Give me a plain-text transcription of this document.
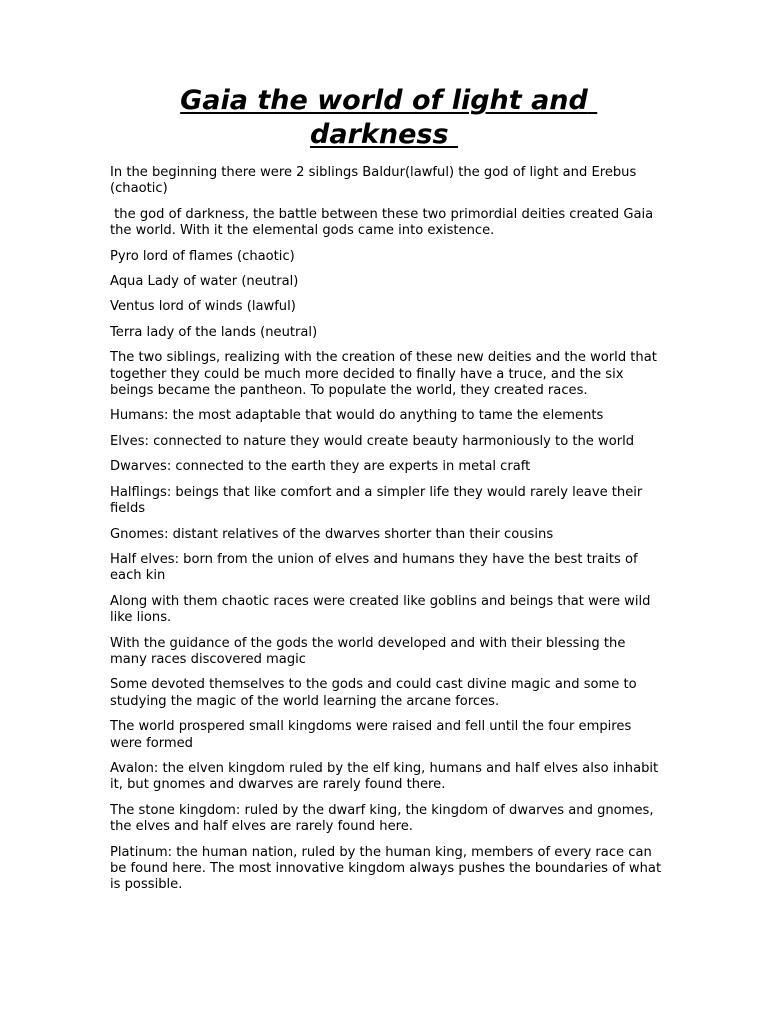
Gaia the world of light and darkness

In the beginning there were 2 siblings Baldur(lawful) the god of light and Erebus (chaotic)

the god of darkness, the battle between these two primordial deities created Gaia the world. With it the elemental gods came into existence.

Pyro lord of flames (chaotic)

Aqua Lady of water (neutral)

Ventus lord of winds (lawful)

Terra lady of the lands (neutral)

The two siblings, realizing with the creation of these new deities and the world that together they could be much more decided to finally have a truce, and the six beings became the pantheon. To populate the world, they created races.

Humans: the most adaptable that would do anything to tame the elements

Elves: connected to nature they would create beauty harmoniously to the world

Dwarves: connected to the earth they are experts in metal craft

Halflings: beings that like comfort and a simpler life they would rarely leave their fields

Gnomes: distant relatives of the dwarves shorter than their cousins

Half elves: born from the union of elves and humans they have the best traits of each kin

Along with them chaotic races were created like goblins and beings that were wild like lions.

With the guidance of the gods the world developed and with their blessing the many races discovered magic

Some devoted themselves to the gods and could cast divine magic and some to studying the magic of the world learning the arcane forces.

The world prospered small kingdoms were raised and fell until the four empires were formed

Avalon: the elven kingdom ruled by the elf king, humans and half elves also inhabit it, but gnomes and dwarves are rarely found there.

The stone kingdom: ruled by the dwarf king, the kingdom of dwarves and gnomes, the elves and half elves are rarely found here.

Platinum: the human nation, ruled by the human king, members of every race can be found here. The most innovative kingdom always pushes the boundaries of what is possible.
